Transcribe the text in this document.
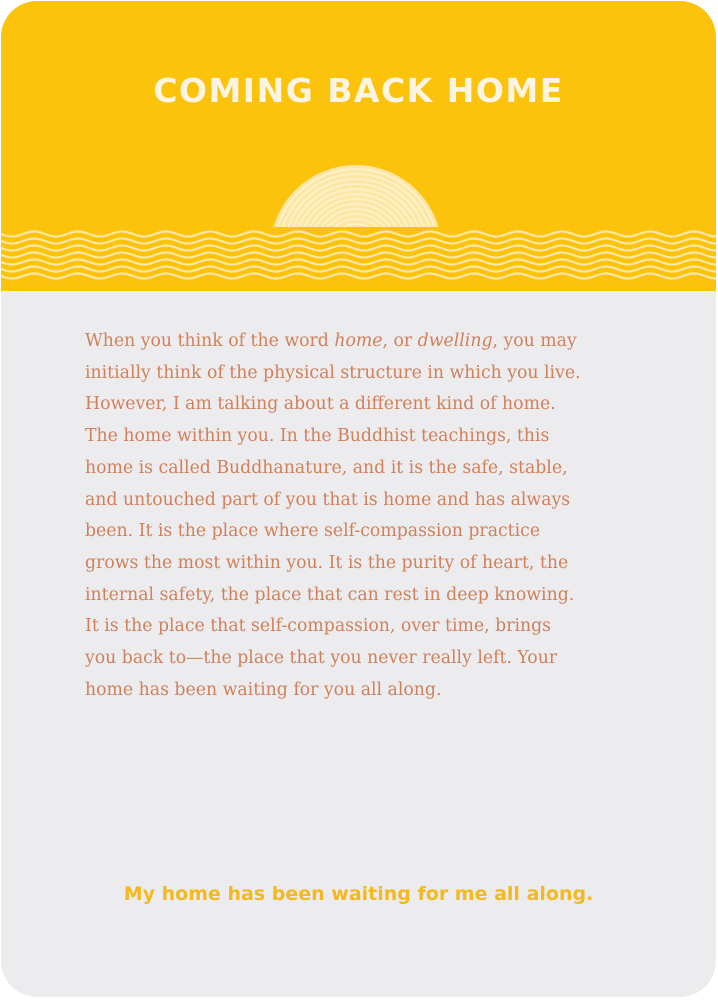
COMING BACK HOME

When you think of the word home, or dwelling, you may
initially think of the physical structure in which you live.
However, I am talking about a different kind of home.
The home within you. In the Buddhist teachings, this
home is called Buddhanature, and it is the safe, stable,
and untouched part of you that is home and has always
been. It is the place where self-compassion practice
grows the most within you. It is the purity of heart, the
internal safety, the place that can rest in deep knowing.
It is the place that self-compassion, over time, brings
you back to—the place that you never really left. Your
home has been waiting for you all along.

My home has been waiting for me all along.
